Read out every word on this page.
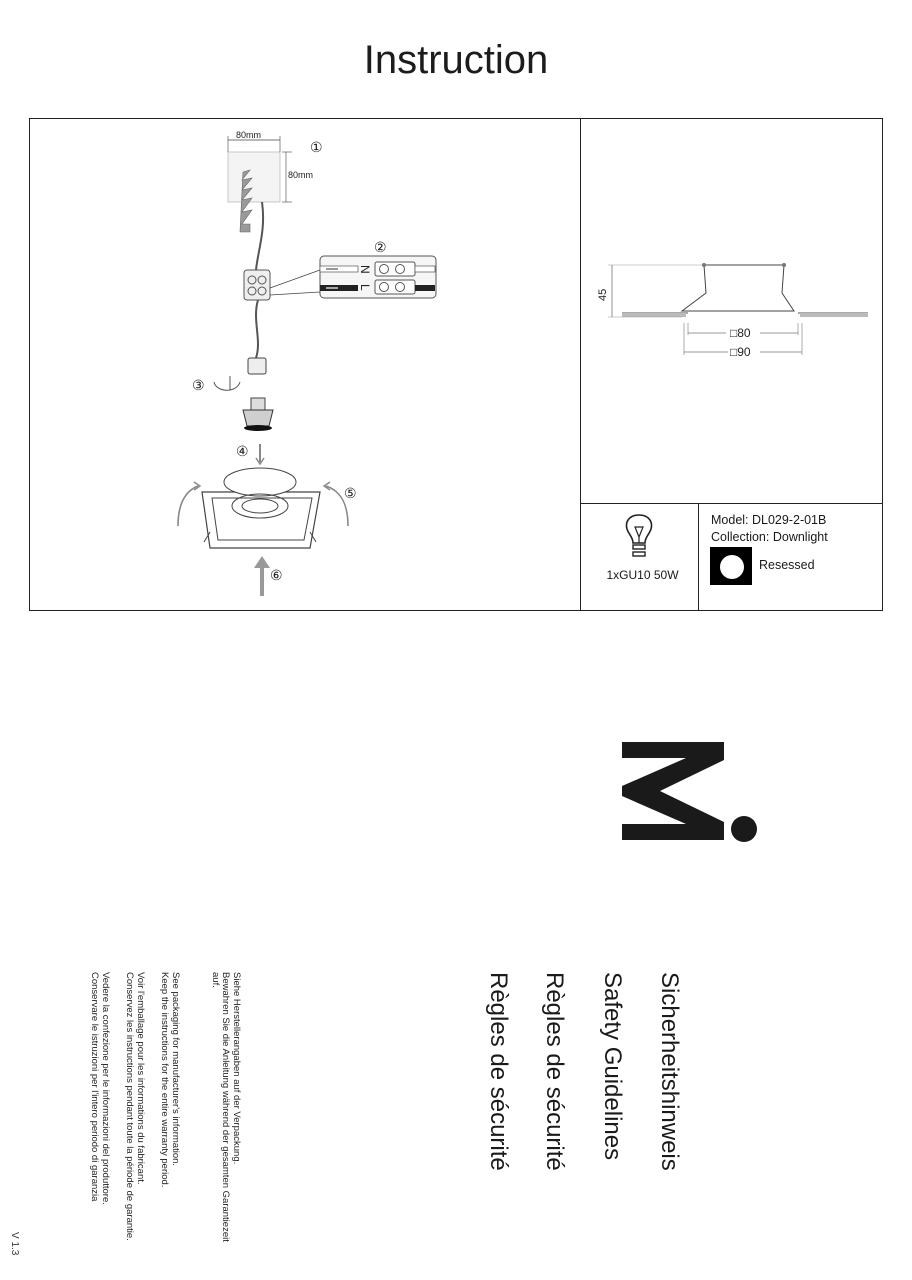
Instruction
80mm
80mm
①
N
L
②
③
④
⑤
⑥
45
□80
□90
1xGU10 50W
Model: DL029-2-01B
Collection: Downlight
Resessed
Sicherheitshinweis
Safety Guidelines
Règles de sécurité
Règles de sécurité
Siehe Herstellerangaben auf der Verpackung.
Bewahren Sie die Anleitung während der gesamten Garantiezeit
auf.
See packaging for manufacturer's information.
Keep the instructions for the entire warranty period.
Voir l'emballage pour les informations du fabricant.
Conservez les instructions pendant toute la période de garantie.
Vedere la confezione per le informazioni del produttore.
Conservare le istruzioni per l'intero periodo di garanzia
V 1.3
